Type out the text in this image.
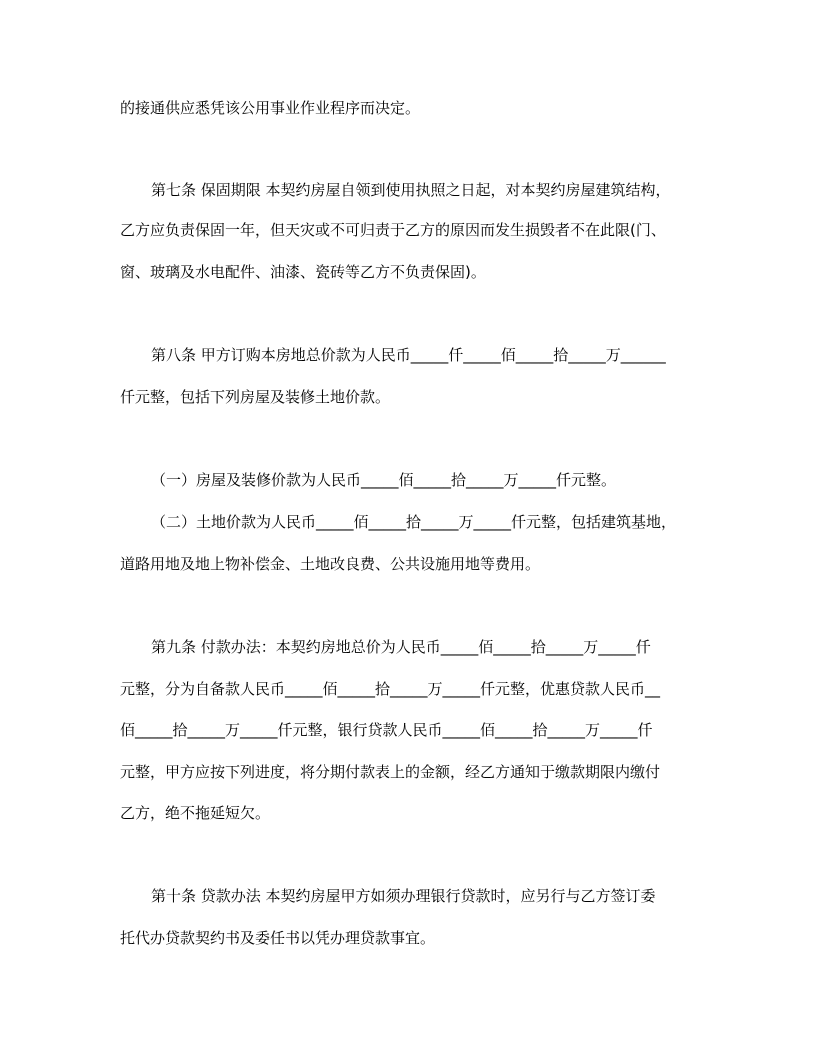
的接通供应悉凭该公用事业作业程序而决定。
第七条 保固期限 本契约房屋自领到使用执照之日起，对本契约房屋建筑结构，
乙方应负责保固一年，但天灾或不可归责于乙方的原因而发生损毁者不在此限(门、
窗、玻璃及水电配件、油漆、瓷砖等乙方不负责保固)。
第八条 甲方订购本房地总价款为人民币_____仟_____佰_____拾_____万______
仟元整，包括下列房屋及装修土地价款。
（一）房屋及装修价款为人民币_____佰_____拾_____万_____仟元整。
（二）土地价款为人民币_____佰_____拾_____万_____仟元整，包括建筑基地，
道路用地及地上物补偿金、土地改良费、公共设施用地等费用。
第九条 付款办法：本契约房地总价为人民币_____佰_____拾_____万_____仟
元整，分为自备款人民币_____佰_____拾_____万_____仟元整，优惠贷款人民币__
佰_____拾_____万_____仟元整，银行贷款人民币_____佰_____拾_____万_____仟
元整，甲方应按下列进度，将分期付款表上的金额，经乙方通知于缴款期限内缴付
乙方，绝不拖延短欠。
第十条 贷款办法 本契约房屋甲方如须办理银行贷款时，应另行与乙方签订委
托代办贷款契约书及委任书以凭办理贷款事宜。
